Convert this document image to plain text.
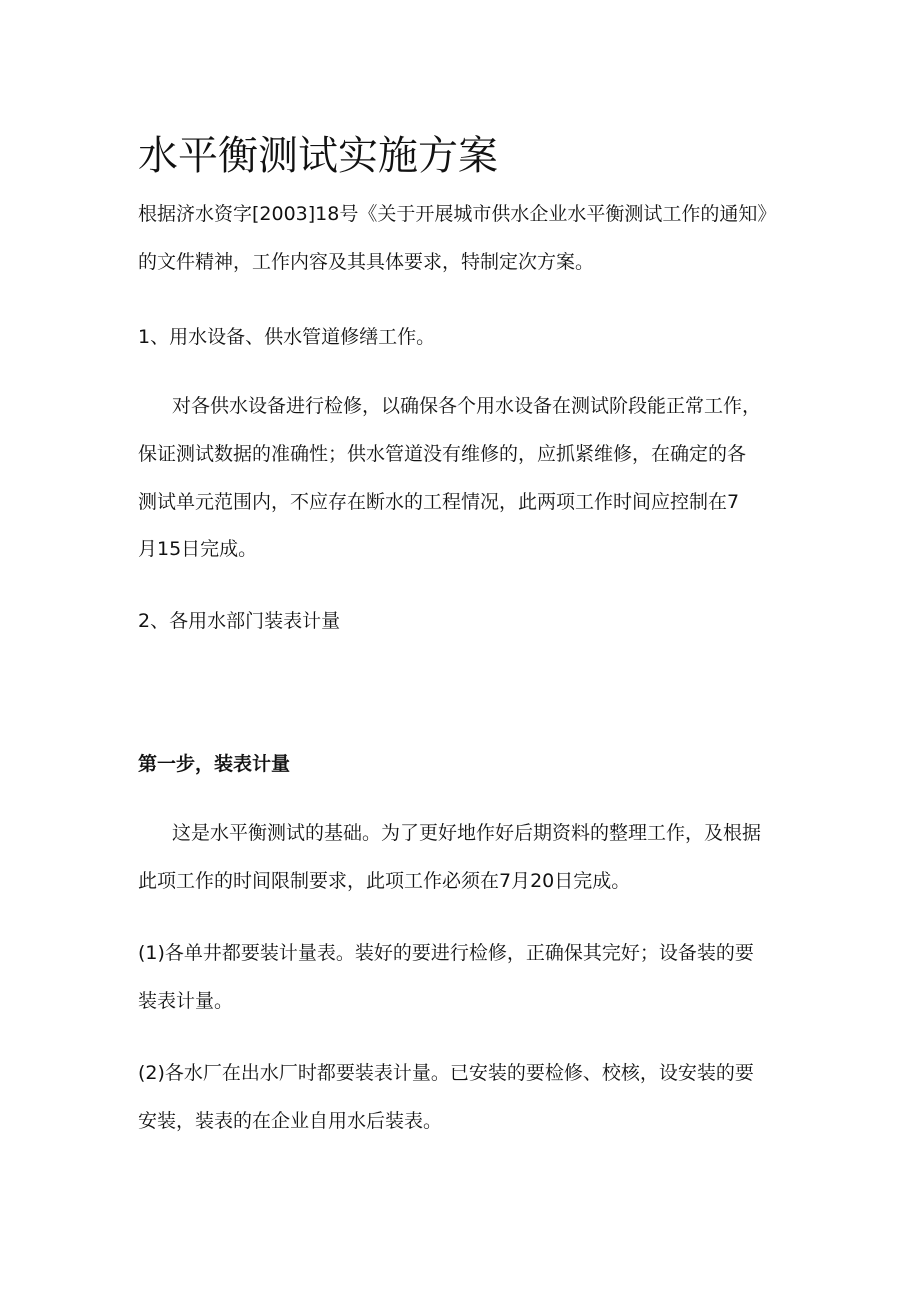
水平衡测试实施方案

根据济水资字[2003]18号《关于开展城市供水企业水平衡测试工作的通知》

的文件精神，工作内容及其具体要求，特制定次方案。

1、用水设备、供水管道修缮工作。

对各供水设备进行检修，以确保各个用水设备在测试阶段能正常工作，

保证测试数据的准确性；供水管道没有维修的，应抓紧维修，在确定的各

测试单元范围内，不应存在断水的工程情况，此两项工作时间应控制在7

月15日完成。

2、各用水部门装表计量

第一步，装表计量

这是水平衡测试的基础。为了更好地作好后期资料的整理工作，及根据

此项工作的时间限制要求，此项工作必须在7月20日完成。

(1)各单井都要装计量表。装好的要进行检修，正确保其完好；设备装的要

装表计量。

(2)各水厂在出水厂时都要装表计量。已安装的要检修、校核，设安装的要

安装，装表的在企业自用水后装表。
